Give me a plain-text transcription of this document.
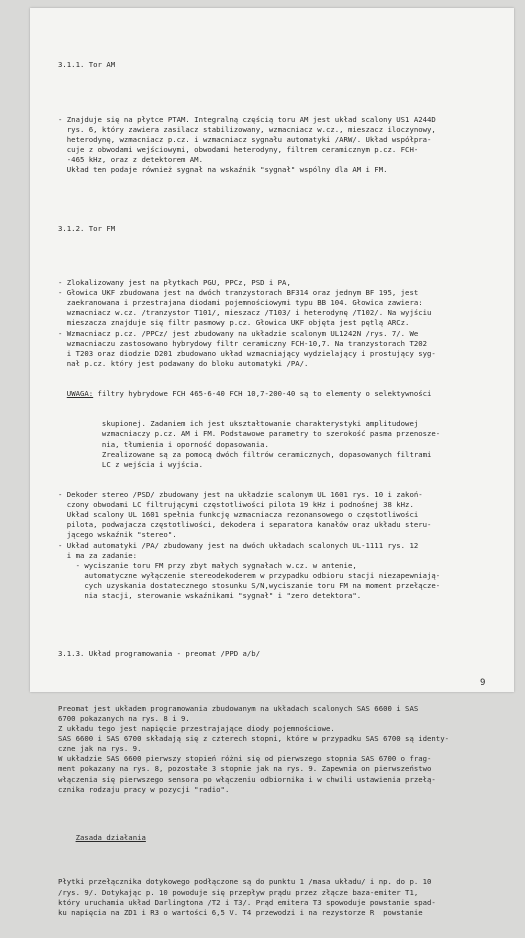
3.1.1. Tor AM

- Znajduje się na płytce PTAM. Integralną częścią toru AM jest układ scalony US1 A244D
rys. 6, który zawiera zasilacz stabilizowany, wzmacniacz w.cz., mieszacz iloczynowy,
heterodynę, wzmacniacz p.cz. i wzmacniacz sygnału automatyki /ARW/. Układ współpra-
cuje z obwodami wejściowymi, obwodami heterodyny, filtrem ceramicznym p.cz. FCH-
-465 kHz, oraz z detektorem AM.
Układ ten podaje również sygnał na wskaźnik "sygnał" wspólny dla AM i FM.

3.1.2. Tor FM

- Zlokalizowany jest na płytkach PGU, PPCz, PSD i PA,
- Głowica UKF zbudowana jest na dwóch tranzystorach BF314 oraz jednym BF 195, jest
zaekranowana i przestrajana diodami pojemnościowymi typu BB 104. Głowica zawiera:
wzmacniacz w.cz. /tranzystor T101/, mieszacz /T103/ i heterodynę /T102/. Na wyjściu
mieszacza znajduje się filtr pasmowy p.cz. Głowica UKF objęta jest pętlą ARCz.
- Wzmacniacz p.cz. /PPCz/ jest zbudowany na układzie scalonym UL1242N /rys. 7/. We
wzmacniaczu zastosowano hybrydowy filtr ceramiczny FCH-10,7. Na tranzystorach T202
i T203 oraz diodzie D201 zbudowano układ wzmacniający wydzielający i prostujący syg-
nał p.cz. który jest podawany do bloku automatyki /PA/.

UWAGA: filtry hybrydowe FCH 465-6-40 FCH 10,7-200-40 są to elementy o selektywności

skupionej. Zadaniem ich jest ukształtowanie charakterystyki amplitudowej
wzmacniaczy p.cz. AM i FM. Podstawowe parametry to szerokość pasma przenosze-
nia, tłumienia i oporność dopasowania.
Zrealizowane są za pomocą dwóch filtrów ceramicznych, dopasowanych filtrami
LC z wejścia i wyjścia.

- Dekoder stereo /PSD/ zbudowany jest na układzie scalonym UL 1601 rys. 10 i zakoń-
czony obwodami LC filtrującymi częstotliwości pilota 19 kHz i podnośnej 38 kHz.
Układ scalony UL 1601 spełnia funkcję wzmacniacza rezonansowego o częstotliwości
pilota, podwajacza częstotliwości, dekodera i separatora kanałów oraz układu steru-
jącego wskaźnik "stereo".
- Układ automatyki /PA/ zbudowany jest na dwóch układach scalonych UL-1111 rys. 12
i ma za zadanie:
- wyciszanie toru FM przy zbyt małych sygnałach w.cz. w antenie,
automatyczne wyłączenie stereodekoderem w przypadku odbioru stacji niezapewniają-
cych uzyskania dostatecznego stosunku S/N,wyciszanie toru FM na moment przełącze-
nia stacji, sterowanie wskaźnikami "sygnał" i "zero detektora".

3.1.3. Układ programowania - preomat /PPD a/b/

Preomat jest układem programowania zbudowanym na układach scalonych SAS 6600 i SAS
6700 pokazanych na rys. 8 i 9.
Z układu tego jest napięcie przestrajające diody pojemnościowe.
SAS 6600 i SAS 6700 składają się z czterech stopni, które w przypadku SAS 6700 są identy-
czne jak na rys. 9.
W układzie SAS 6600 pierwszy stopień różni się od pierwszego stopnia SAS 6700 o frag-
ment pokazany na rys. 8, pozostałe 3 stopnie jak na rys. 9. Zapewnia on pierwszeństwo
włączenia się pierwszego sensora po włączeniu odbiornika i w chwili ustawienia przełą-
cznika rodzaju pracy w pozycji "radio".

Zasada działania

Płytki przełącznika dotykowego podłączone są do punktu 1 /masa układu/ i np. do p. 10
/rys. 9/. Dotykając p. 10 powoduje się przepływ prądu przez złącze baza-emiter T1,
który uruchamia układ Darlingtona /T2 i T3/. Prąd emitera T3 spowoduje powstanie spad-
ku napięcia na ZD1 i R3 o wartości 6,5 V. T4 przewodzi i na rezystorze R  powstanie

9
